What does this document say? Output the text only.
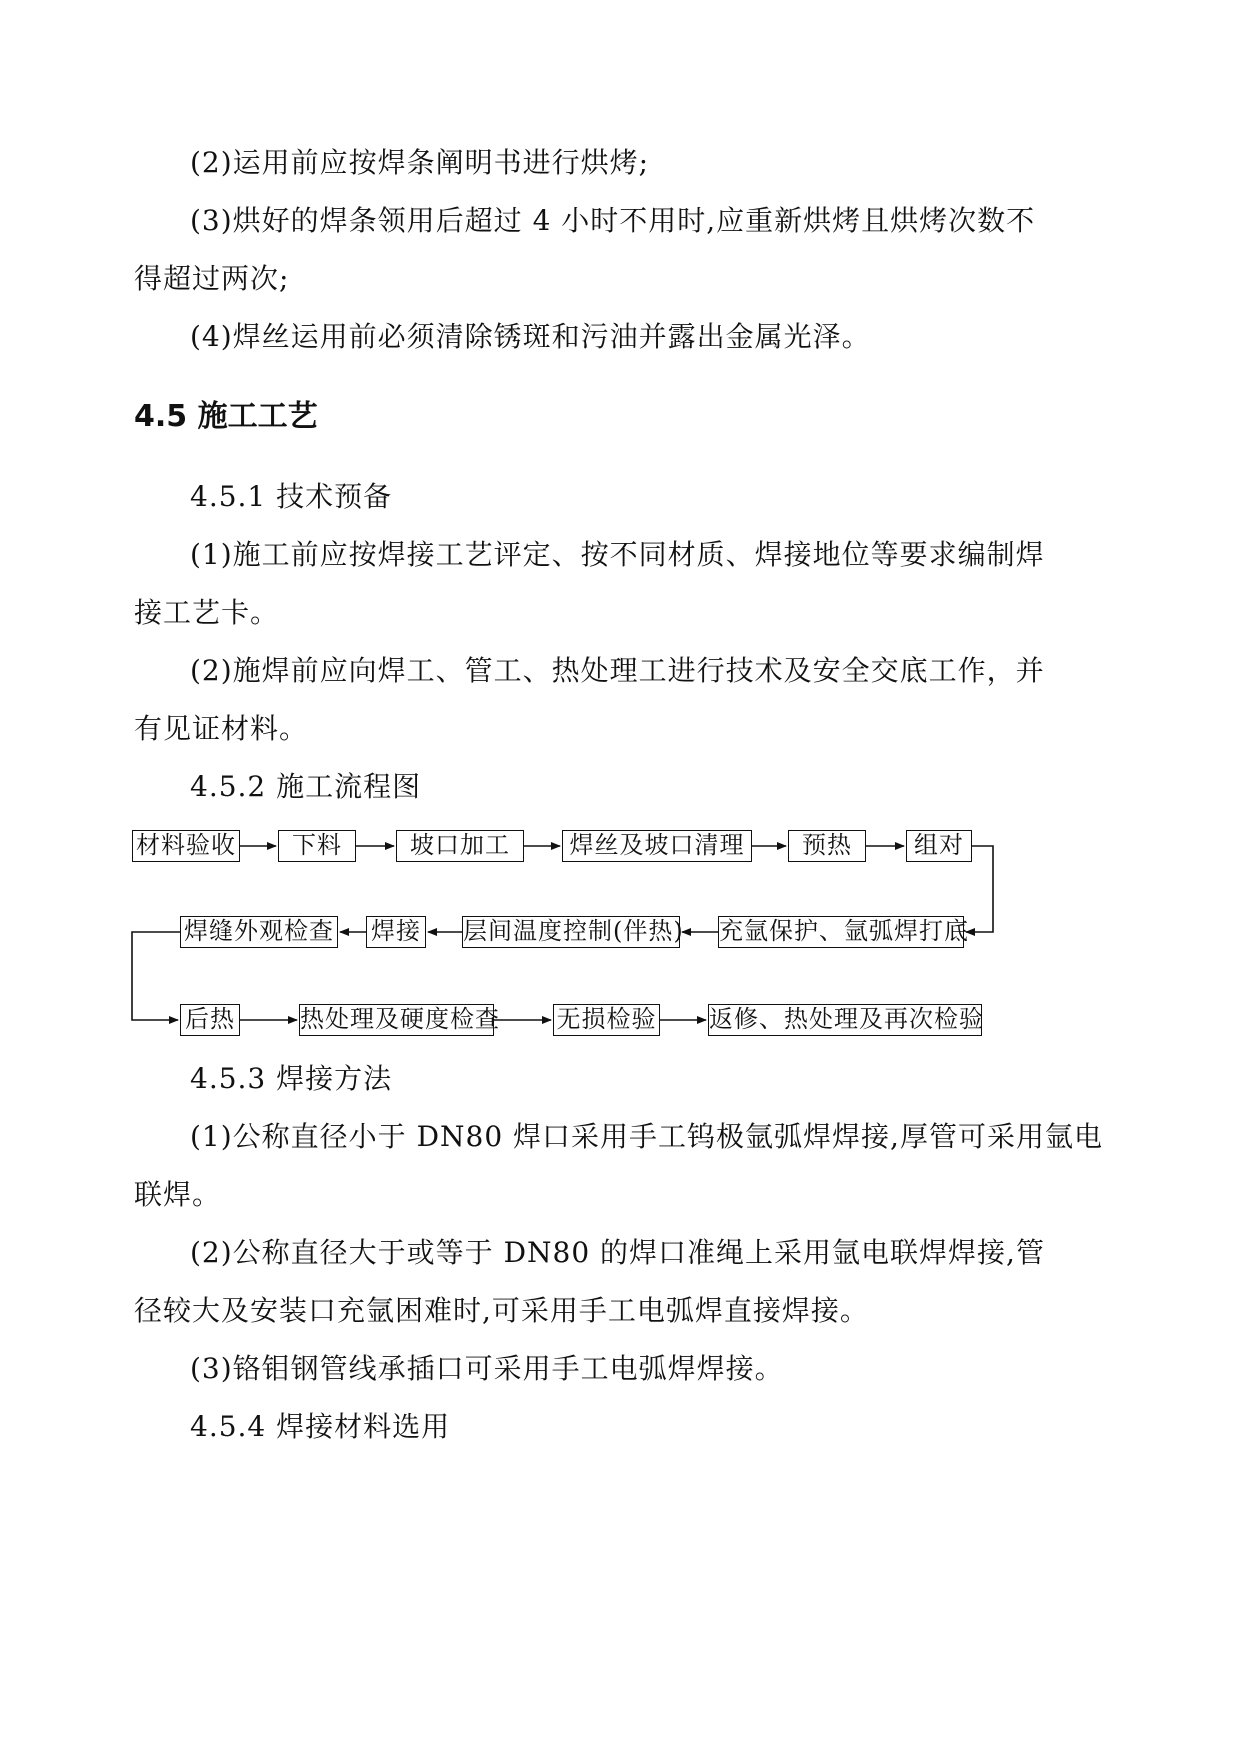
(2)运用前应按焊条阐明书进行烘烤;
(3)烘好的焊条领用后超过 4 小时不用时,应重新烘烤且烘烤次数不
得超过两次;
(4)焊丝运用前必须清除锈斑和污油并露出金属光泽。
4.5 施工工艺
4.5.1 技术预备
(1)施工前应按焊接工艺评定、按不同材质、焊接地位等要求编制焊
接工艺卡。
(2)施焊前应向焊工、管工、热处理工进行技术及安全交底工作，并
有见证材料。
4.5.2 施工流程图
材料验收	下料	坡口加工	焊丝及坡口清理	预热	组对
充氩保护、氩弧焊打底
层间温度控制(伴热)
焊接
焊缝外观检查
后热	热处理及硬度检查 无损检验 返修、热处理及再次检验
4.5.3 焊接方法
(1)公称直径小于 DN80 焊口采用手工钨极氩弧焊焊接,厚管可采用氩电
联焊。
(2)公称直径大于或等于 DN80 的焊口准绳上采用氩电联焊焊接,管
径较大及安装口充氩困难时,可采用手工电弧焊直接焊接。
(3)铬钼钢管线承插口可采用手工电弧焊焊接。
4.5.4 焊接材料选用
